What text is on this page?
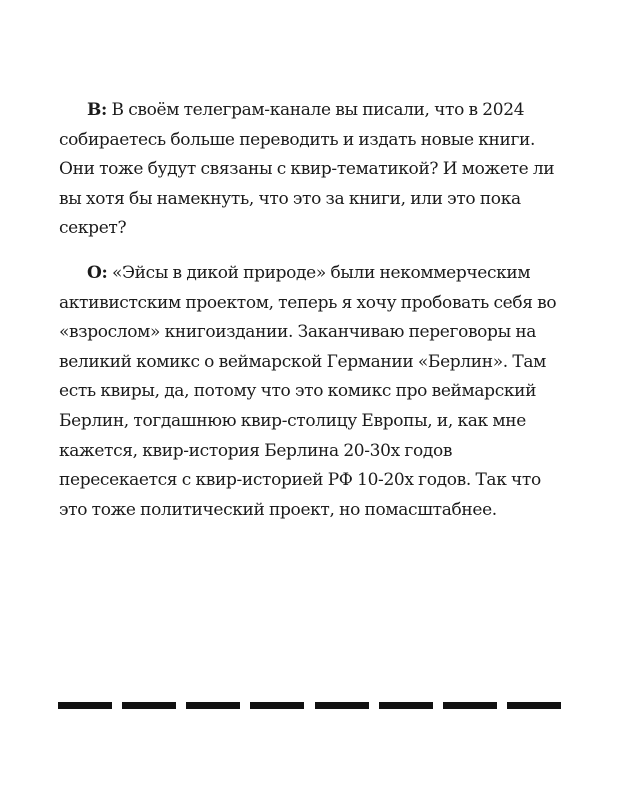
В: В своём телеграм-канале вы писали, что в 2024 собираетесь больше переводить и издать новые книги. Они тоже будут связаны с квир-тематикой? И можете ли вы хотя бы намекнуть, что это за книги, или это пока секрет?

О: «Эйсы в дикой природе» были некоммерческим активистским проектом, теперь я хочу пробовать себя во «взрослом» книгоиздании. Заканчиваю переговоры на великий комикс о веймарской Германии «Берлин». Там есть квиры, да, потому что это комикс про веймарский Берлин, тогдашнюю квир-столицу Европы, и, как мне кажется, квир-история Берлина 20-30х годов пересекается с квир-историей РФ 10-20х годов. Так что это тоже политический проект, но помасштабнее.
